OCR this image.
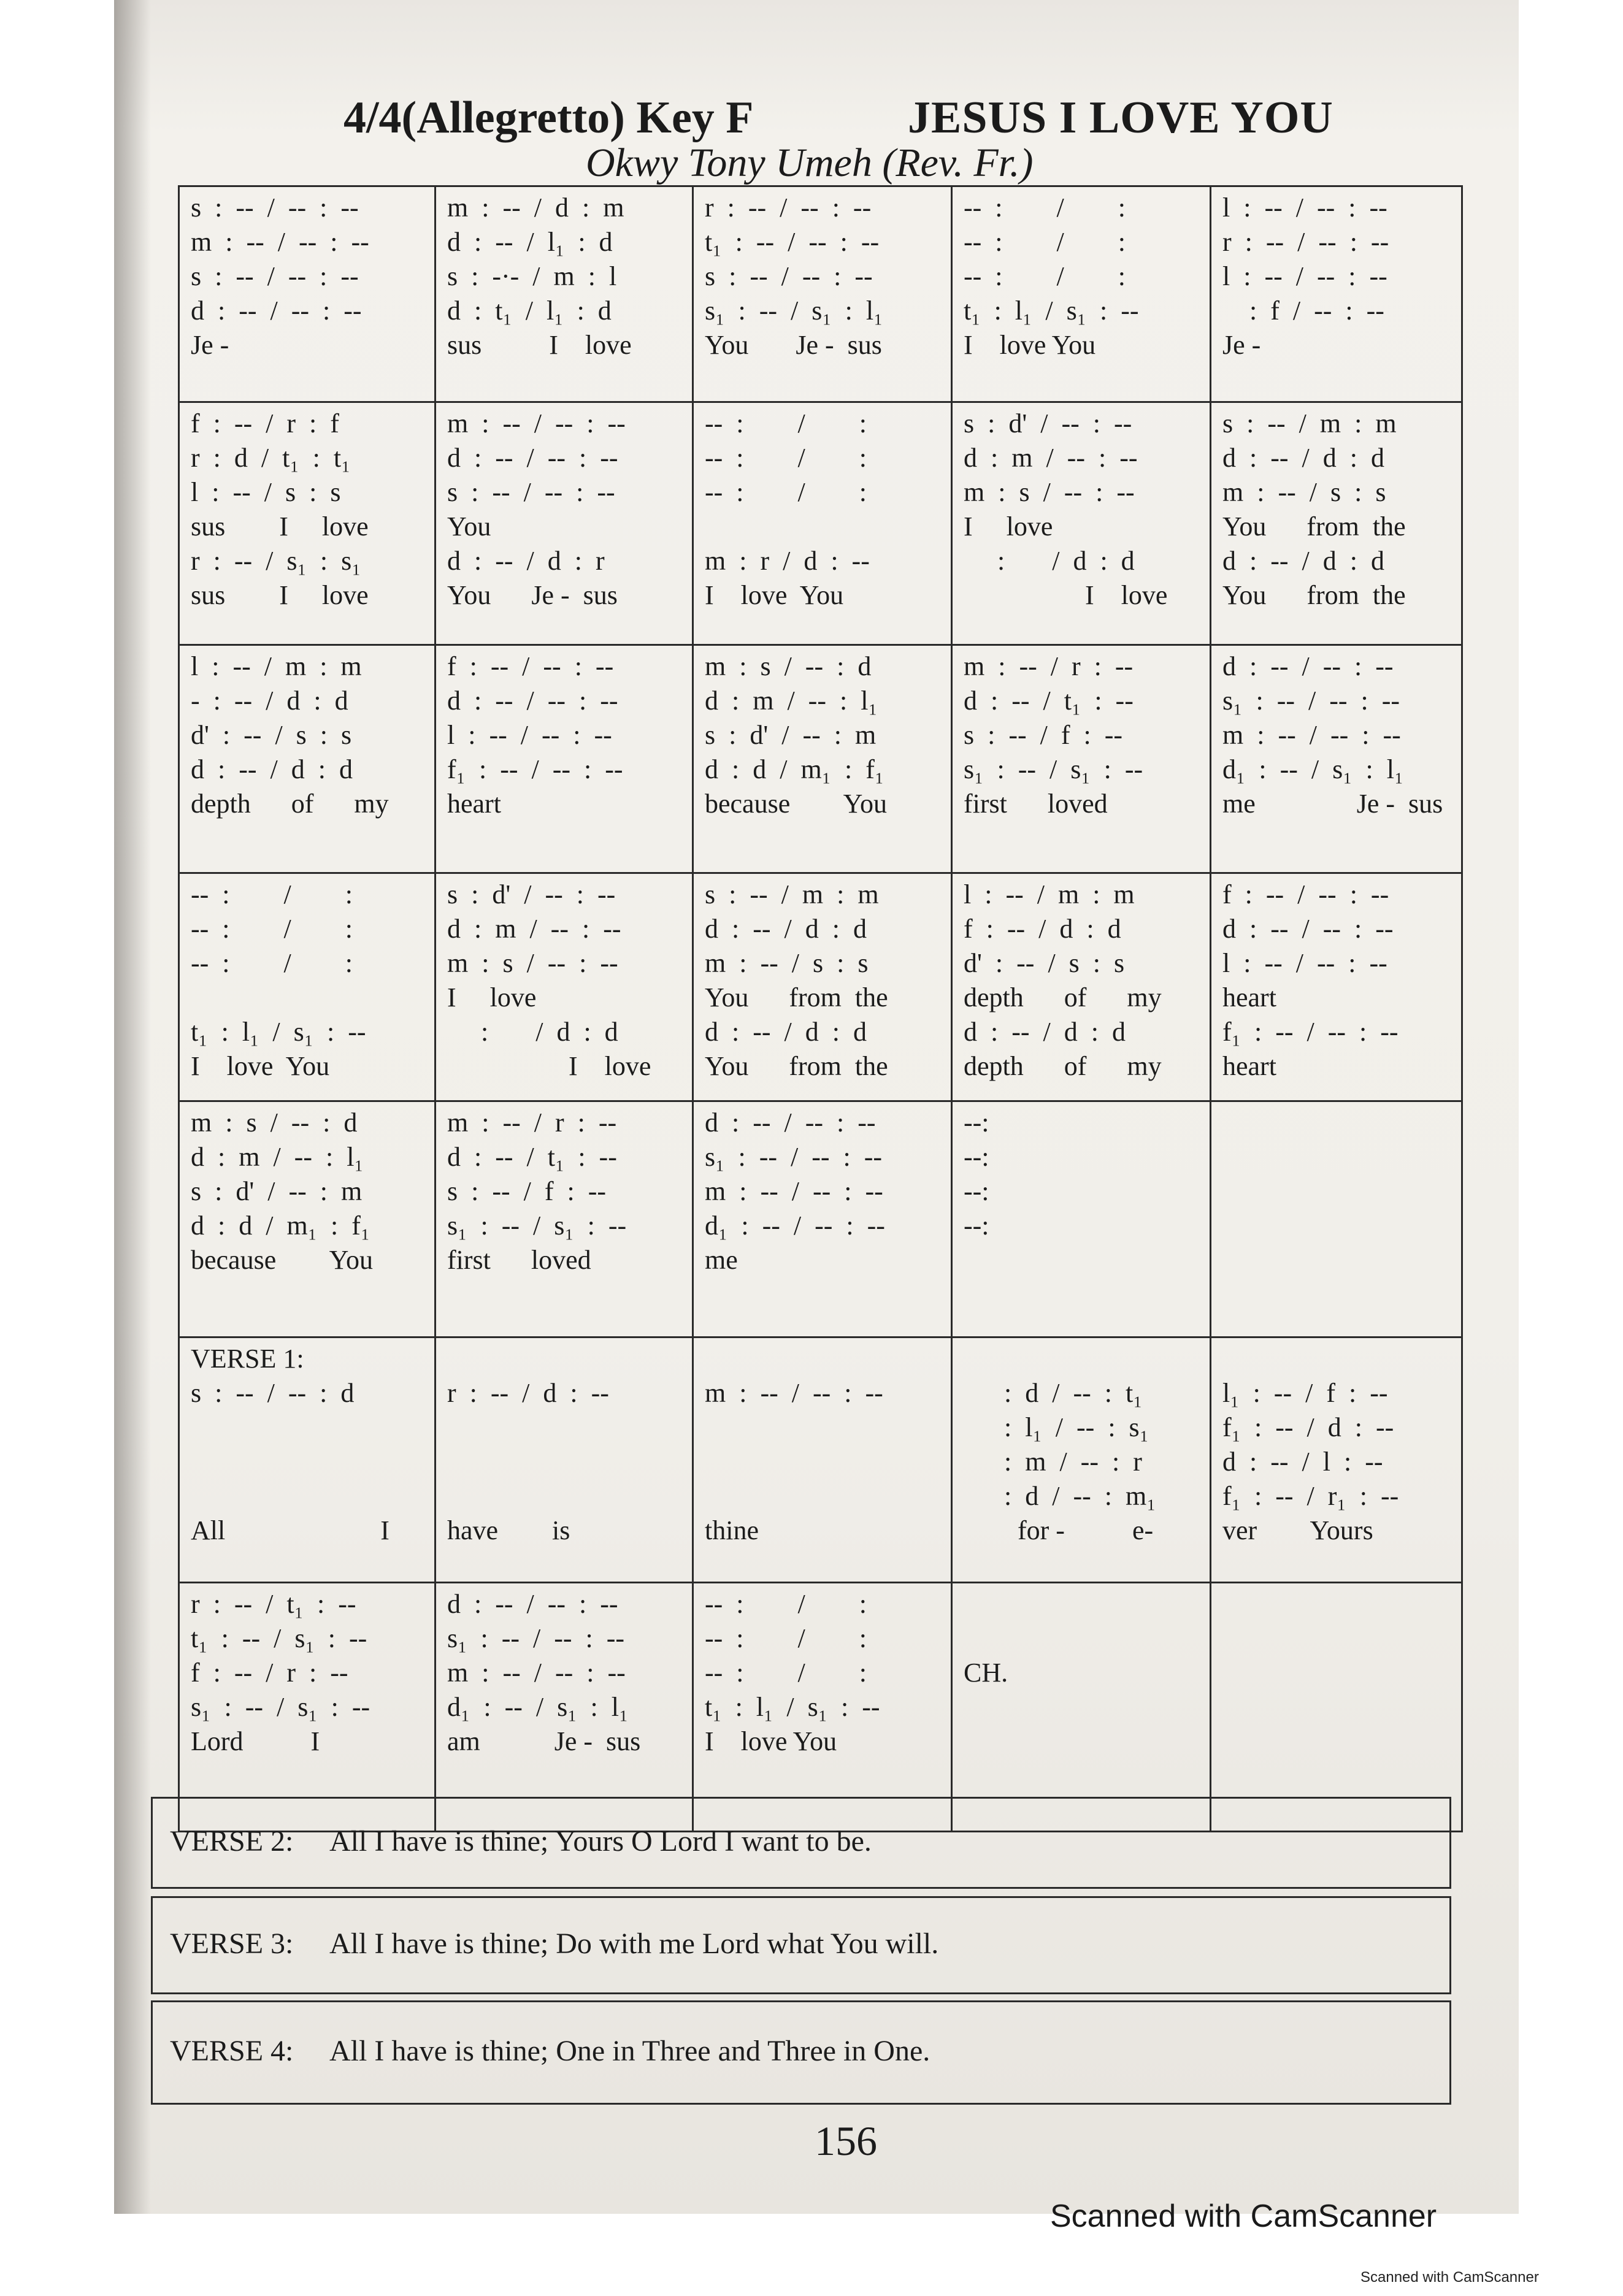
4/4(Allegretto) Key F	JESUS I LOVE YOU
Okwy Tony Umeh (Rev. Fr.)
s  :  --  /  --  :  --
m  :  --  /  --  :  --
s  :  --  /  --  :  --
d  :  --  /  --  :  --
Je -
m  :  --  /  d  :  m
d  :  --  /  l₁  :  d
s  :  -·-  /  m  :  l
d  :  t₁  /  l₁  :  d
sus          I    love
r  :  --  /  --  :  --
t₁  :  --  /  --  :  --
s  :  --  /  --  :  --
s₁  :  --  /  s₁  :  l₁
You       Je -  sus
--  :        /        :
--  :        /        :
--  :        /        :
t₁  :  l₁  /  s₁  :  --
I    love You
l  :  --  /  --  :  --
r  :  --  /  --  :  --
l  :  --  /  --  :  --
:  f  /  --  :  --
Je -
f  :  --  /  r  :  f
r  :  d  /  t₁  :  t₁
l  :  --  /  s  :  s
sus        I     love
r  :  --  /  s₁  :  s₁
sus        I     love
m  :  --  /  --  :  --
d  :  --  /  --  :  --
s  :  --  /  --  :  --
You
d  :  --  /  d  :  r
You      Je -  sus
--  :        /        :
--  :        /        :
--  :        /        :
m  :  r  /  d  :  --
I    love  You
s  :  d'  /  --  :  --
d  :  m  /  --  :  --
m  :  s  /  --  :  --
I     love
:       /  d  :  d
I    love
s  :  --  /  m  :  m
d  :  --  /  d  :  d
m  :  --  /  s  :  s
You      from  the
d  :  --  /  d  :  d
You      from  the
l  :  --  /  m  :  m
-  :  --  /  d  :  d
d'  :  --  /  s  :  s
d  :  --  /  d  :  d
depth      of      my
f  :  --  /  --  :  --
d  :  --  /  --  :  --
l  :  --  /  --  :  --
f₁  :  --  /  --  :  --
heart
m  :  s  /  --  :  d
d  :  m  /  --  :  l₁
s  :  d'  /  --  :  m
d  :  d  /  m₁  :  f₁
because        You
m  :  --  /  r  :  --
d  :  --  /  t₁  :  --
s  :  --  /  f  :  --
s₁  :  --  /  s₁  :  --
first      loved
d  :  --  /  --  :  --
s₁  :  --  /  --  :  --
m  :  --  /  --  :  --
d₁  :  --  /  s₁  :  l₁
me               Je -  sus
--  :        /        :
--  :        /        :
--  :        /        :
t₁  :  l₁  /  s₁  :  --
I    love  You
s  :  d'  /  --  :  --
d  :  m  /  --  :  --
m  :  s  /  --  :  --
I     love
:       /  d  :  d
I    love
s  :  --  /  m  :  m
d  :  --  /  d  :  d
m  :  --  /  s  :  s
You      from  the
d  :  --  /  d  :  d
You      from  the
l  :  --  /  m  :  m
f  :  --  /  d  :  d
d'  :  --  /  s  :  s
depth      of      my
d  :  --  /  d  :  d
depth      of      my
f  :  --  /  --  :  --
d  :  --  /  --  :  --
l  :  --  /  --  :  --
heart
f₁  :  --  /  --  :  --
heart
m  :  s  /  --  :  d
d  :  m  /  --  :  l₁
s  :  d'  /  --  :  m
d  :  d  /  m₁  :  f₁
because        You
m  :  --  /  r  :  --
d  :  --  /  t₁  :  --
s  :  --  /  f  :  --
s₁  :  --  /  s₁  :  --
first      loved
d  :  --  /  --  :  --
s₁  :  --  /  --  :  --
m  :  --  /  --  :  --
d₁  :  --  /  --  :  --
me
--:
--:
--:
--:
VERSE 1:
s  :  --  /  --  :  d
All                       I
r  :  --  /  d  :  --
have        is
m  :  --  /  --  :  --
thine
:  d  /  --  :  t₁
:  l₁  /  --  :  s₁
:  m  /  --  :  r
:  d  /  --  :  m₁
for -          e-
l₁  :  --  /  f  :  --
f₁  :  --  /  d  :  --
d  :  --  /  l  :  --
f₁  :  --  /  r₁  :  --
ver        Yours
r  :  --  /  t₁  :  --
t₁  :  --  /  s₁  :  --
f  :  --  /  r  :  --
s₁  :  --  /  s₁  :  --
Lord          I
d  :  --  /  --  :  --
s₁  :  --  /  --  :  --
m  :  --  /  --  :  --
d₁  :  --  /  s₁  :  l₁
am           Je -  sus
--  :        /        :
--  :        /        :
--  :        /        :
t₁  :  l₁  /  s₁  :  --
I    love You
CH.
VERSE 2: All I have is thine; Yours O Lord I want to be.
VERSE 3: All I have is thine; Do with me Lord what You will.
VERSE 4: All I have is thine; One in Three and Three in One.
156
Scanned with CamScanner
Scanned with CamScanner
